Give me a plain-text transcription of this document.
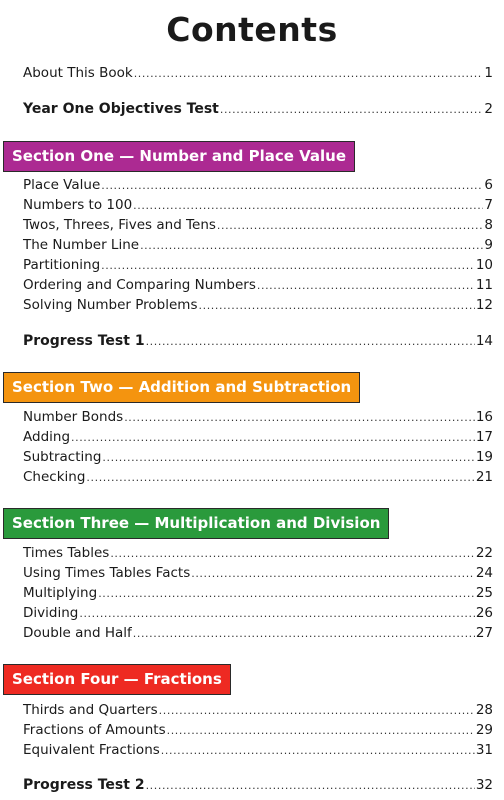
Contents
About This Book .....	1
Year One Objectives Test .....	2
Section One — Number and Place Value
Place Value .....	6
Numbers to 100 .....	7
Twos, Threes, Fives and Tens .....	8
The Number Line .....	9
Partitioning .....	10
Ordering and Comparing Numbers .....	11
Solving Number Problems .....	12
Progress Test 1 .....	14
Section Two — Addition and Subtraction
Number Bonds .....	16
Adding .....	17
Subtracting .....	19
Checking .....	21
Section Three — Multiplication and Division
Times Tables .....	22
Using Times Tables Facts .....	24
Multiplying .....	25
Dividing .....	26
Double and Half .....	27
Section Four — Fractions
Thirds and Quarters .....	28
Fractions of Amounts .....	29
Equivalent Fractions .....	31
Progress Test 2 .....	32
